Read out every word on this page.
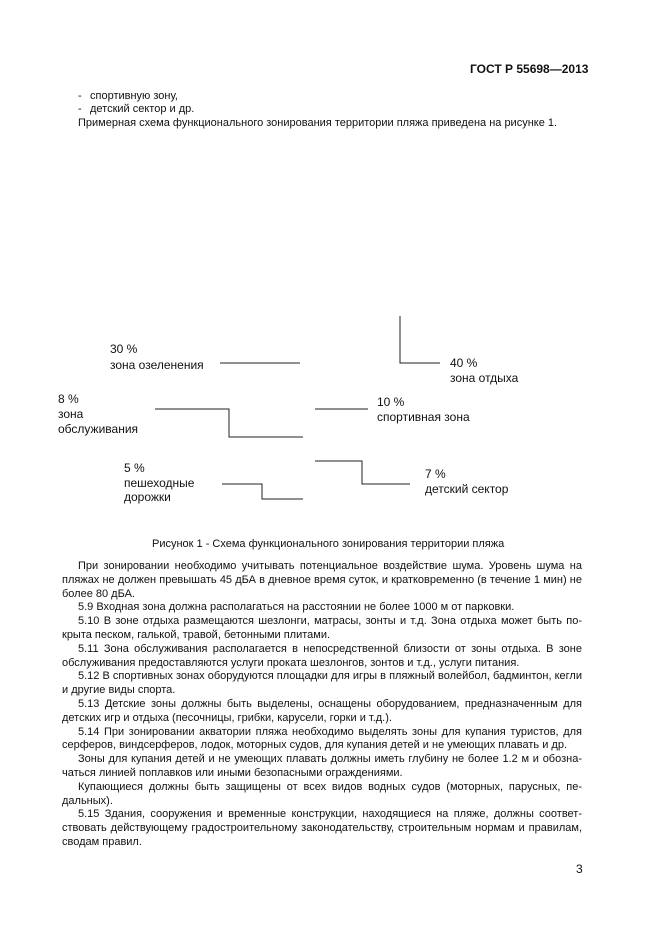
ГОСТ Р 55698—2013
- спортивную зону,
- детский сектор и др.
Примерная схема функционального зонирования территории пляжа приведена на рисунке 1.
30 %
зона озеленения	40 %
зона отдыха
8 %
зона
обслуживания
10 %
спортивная зона
5 %
пешеходные
дорожки
7 %
детский сектор
Рисунок 1 - Схема функционального зонирования территории пляжа

При зонировании необходимо учитывать потенциальное воздействие шума. Уровень шума на пляжах не должен превышать 45 дБА в дневное время суток, и кратковременно (в течение 1 мин) не более 80 дБА.

5.9 Входная зона должна располагаться на расстоянии не более 1000 м от парковки.

5.10 В зоне отдыха размещаются шезлонги, матрасы, зонты и т.д. Зона отдыха может быть по-крыта песком, галькой, травой, бетонными плитами.

5.11 Зона обслуживания располагается в непосредственной близости от зоны отдыха. В зоне обслуживания предоставляются услуги проката шезлонгов, зонтов и т.д., услуги питания.

5.12 В спортивных зонах оборудуются площадки для игры в пляжный волейбол, бадминтон, кегли и другие виды спорта.

5.13 Детские зоны должны быть выделены, оснащены оборудованием, предназначенным для детских игр и отдыха (песочницы, грибки, карусели, горки и т.д.).

5.14 При зонировании акватории пляжа необходимо выделять зоны для купания туристов, для серферов, виндсерферов, лодок, моторных судов, для купания детей и не умеющих плавать и др.

Зоны для купания детей и не умеющих плавать должны иметь глубину не более 1.2 м и обозна-чаться линией поплавков или иными безопасными ограждениями.

Купающиеся должны быть защищены от всех видов водных судов (моторных, парусных, пе-дальных).

5.15 Здания, сооружения и временные конструкции, находящиеся на пляже, должны соответ-ствовать действующему градостроительному законодательству, строительным нормам и правилам, сводам правил.

3
